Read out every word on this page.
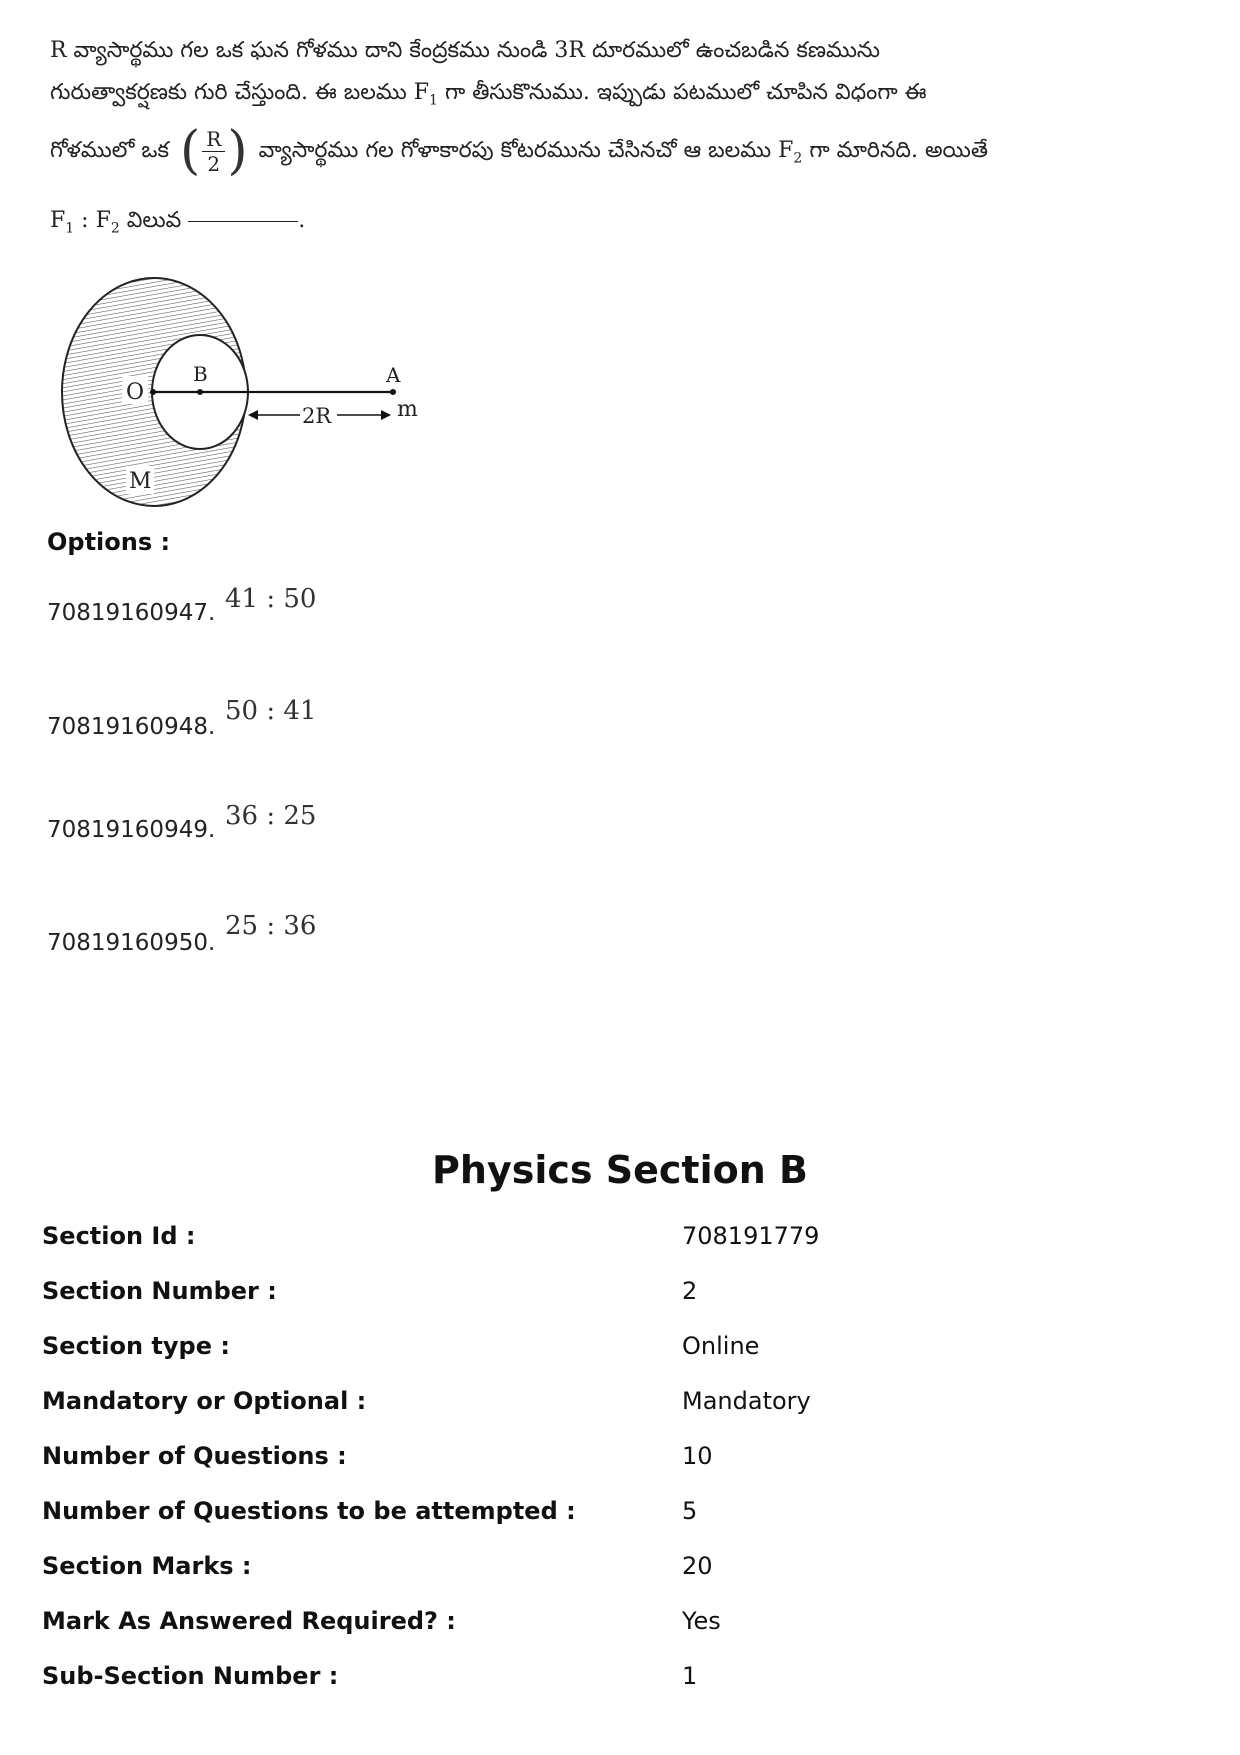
R వ్యాసార్థము గల ఒక ఘన గోళము దాని కేంద్రకము నుండి 3R దూరములో ఉంచబడిన కణమును
గురుత్వాకర్షణకు గురి చేస్తుంది. ఈ బలము $F_1$ గా తీసుకొనుము. ఇప్పుడు పటములో చూపిన విధంగా ఈ
గోళములో ఒక ( $\frac{R}{2}$ ) వ్యాసార్థము గల గోళాకారపు కోటరమును చేసినచో ఆ బలము $F_2$ గా మారినది. అయితే
$F_1$ : $F_2$ విలువ	.
O
B	A
m
M
2R
Options :
70819160947. 41 : 50
70819160948.
50 : 41
70819160949. 36 : 25
70819160950.
25 : 36
Physics Section B
Section Id :	708191779
Section Number :	2
Section type :	Online
Mandatory or Optional :	Mandatory
Number of Questions :	10
Number of Questions to be attempted :	5
Section Marks :	20
Mark As Answered Required? :	Yes
Sub-Section Number :	1
